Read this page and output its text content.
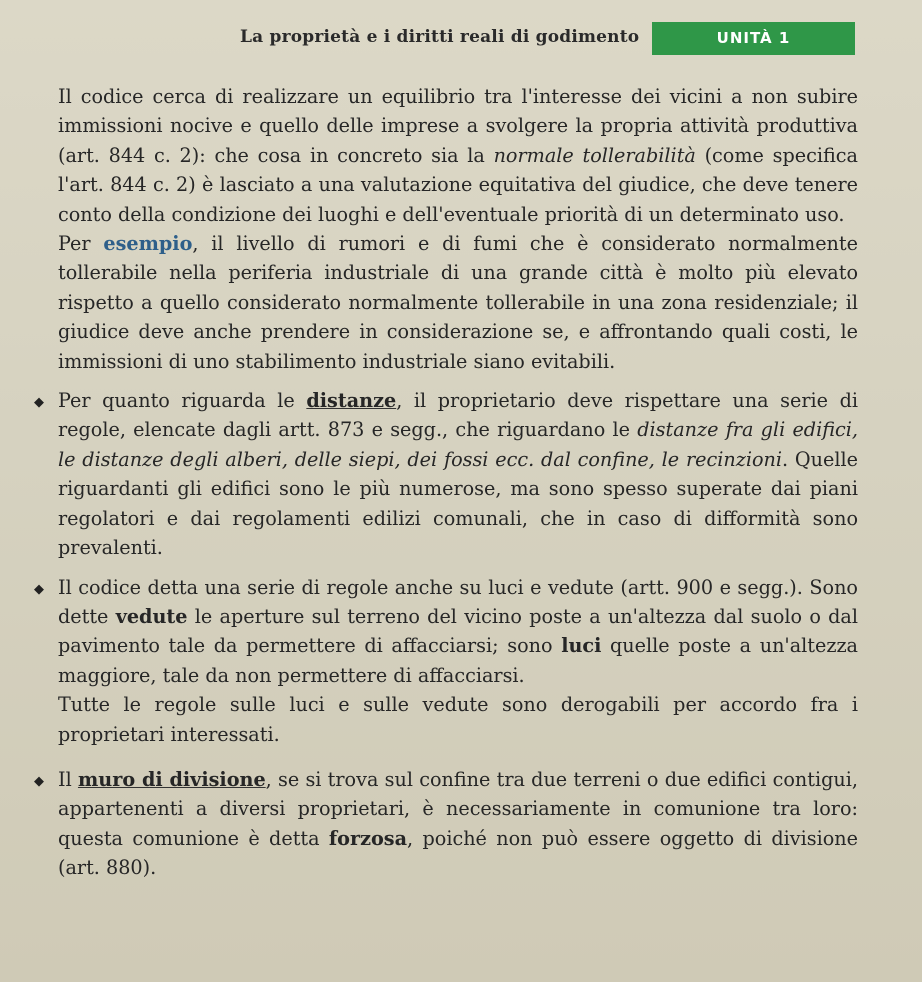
La proprietà e i diritti reali di godimento	UNITÀ 1

Il codice cerca di realizzare un equilibrio tra l'interesse dei vicini a non subire immissioni nocive e quello delle imprese a svolgere la propria attività produttiva (art. 844 c. 2): che cosa in concreto sia la normale tollerabilità (come specifica l'art. 844 c. 2) è lasciato a una valutazione equitativa del giudice, che deve tenere conto della condizione dei luoghi e dell'eventuale priorità di un determinato uso.

Per esempio, il livello di rumori e di fumi che è considerato normalmente tollerabile nella periferia industriale di una grande città è molto più elevato rispetto a quello considerato normalmente tollerabile in una zona residenziale; il giudice deve anche prendere in considerazione se, e affrontando quali costi, le immissioni di uno stabilimento industriale siano evitabili.

◆ Per quanto riguarda le distanze, il proprietario deve rispettare una serie di regole, elencate dagli artt. 873 e segg., che riguardano le distanze fra gli edifici, le distanze degli alberi, delle siepi, dei fossi ecc. dal confine, le recinzioni. Quelle riguardanti gli edifici sono le più numerose, ma sono spesso superate dai piani regolatori e dai regolamenti edilizi comunali, che in caso di difformità sono prevalenti.

◆ Il codice detta una serie di regole anche su luci e vedute (artt. 900 e segg.). Sono dette vedute le aperture sul terreno del vicino poste a un'altezza dal suolo o dal pavimento tale da permettere di affacciarsi; sono luci quelle poste a un'altezza maggiore, tale da non permettere di affacciarsi.

Tutte le regole sulle luci e sulle vedute sono derogabili per accordo fra i proprietari interessati.

◆ Il muro di divisione, se si trova sul confine tra due terreni o due edifici contigui, appartenenti a diversi proprietari, è necessariamente in comunione tra loro: questa comunione è detta forzosa, poiché non può essere oggetto di divisione (art. 880).
